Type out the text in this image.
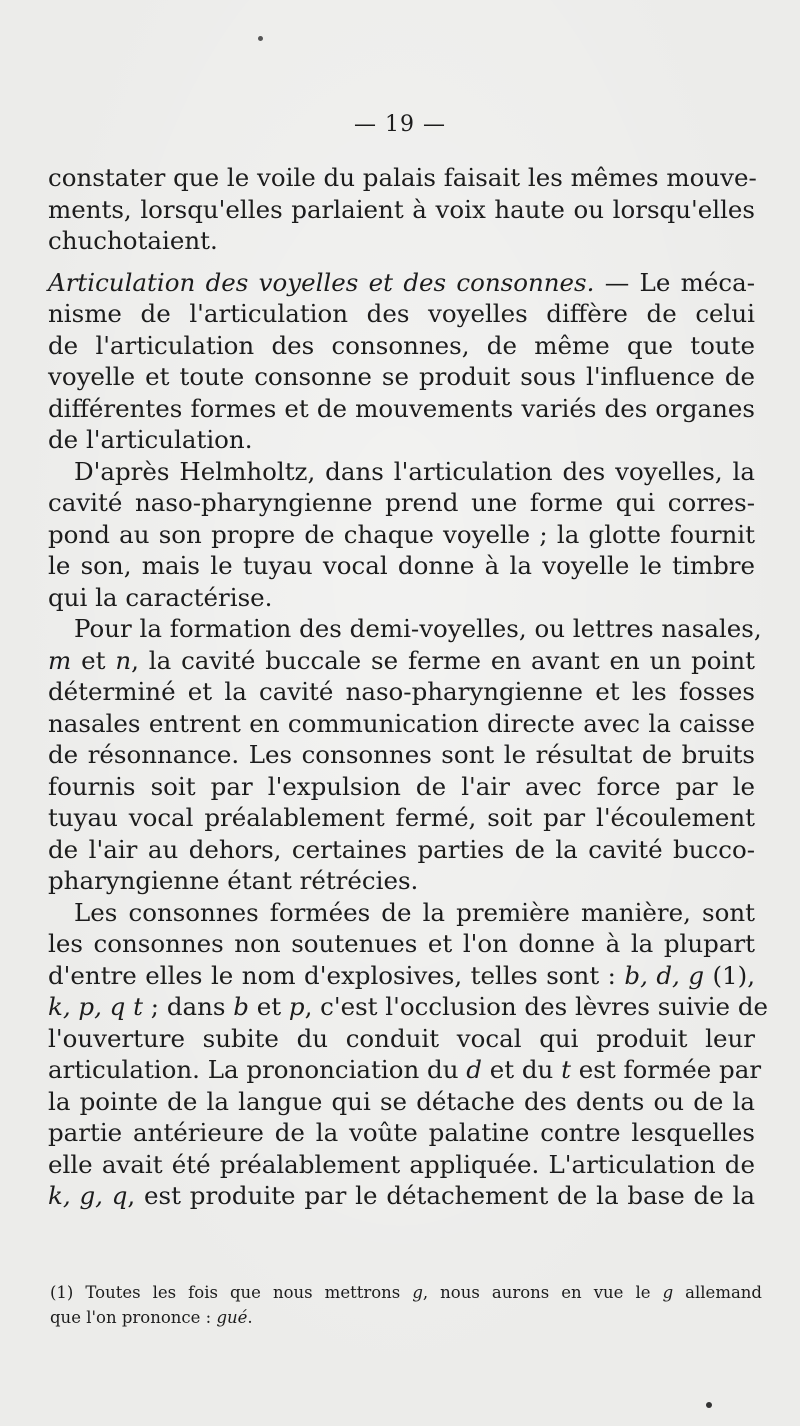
— 19 —
constater que le voile du palais faisait les mêmes mouve-
ments, lorsqu'elles parlaient à voix haute ou lorsqu'elles
chuchotaient.
Articulation des voyelles et des consonnes. — Le méca-
nisme de l'articulation des voyelles diffère de celui
de l'articulation des consonnes, de même que toute
voyelle et toute consonne se produit sous l'influence de
différentes formes et de mouvements variés des organes
de l'articulation.
D'après Helmholtz, dans l'articulation des voyelles, la
cavité naso-pharyngienne prend une forme qui corres-
pond au son propre de chaque voyelle ; la glotte fournit
le son, mais le tuyau vocal donne à la voyelle le timbre
qui la caractérise.
Pour la formation des demi-voyelles, ou lettres nasales,
m et n, la cavité buccale se ferme en avant en un point
déterminé et la cavité naso-pharyngienne et les fosses
nasales entrent en communication directe avec la caisse
de résonnance. Les consonnes sont le résultat de bruits
fournis soit par l'expulsion de l'air avec force par le
tuyau vocal préalablement fermé, soit par l'écoulement
de l'air au dehors, certaines parties de la cavité bucco-
pharyngienne étant rétrécies.
Les consonnes formées de la première manière, sont
les consonnes non soutenues et l'on donne à la plupart
d'entre elles le nom d'explosives, telles sont : b, d, g (1),
k, p, q t ; dans b et p, c'est l'occlusion des lèvres suivie de
l'ouverture subite du conduit vocal qui produit leur
articulation. La prononciation du d et du t est formée par
la pointe de la langue qui se détache des dents ou de la
partie antérieure de la voûte palatine contre lesquelles
elle avait été préalablement appliquée. L'articulation de
k, g, q, est produite par le détachement de la base de la
(1) Toutes les fois que nous mettrons g, nous aurons en vue le g allemand
que l'on prononce : gué.
